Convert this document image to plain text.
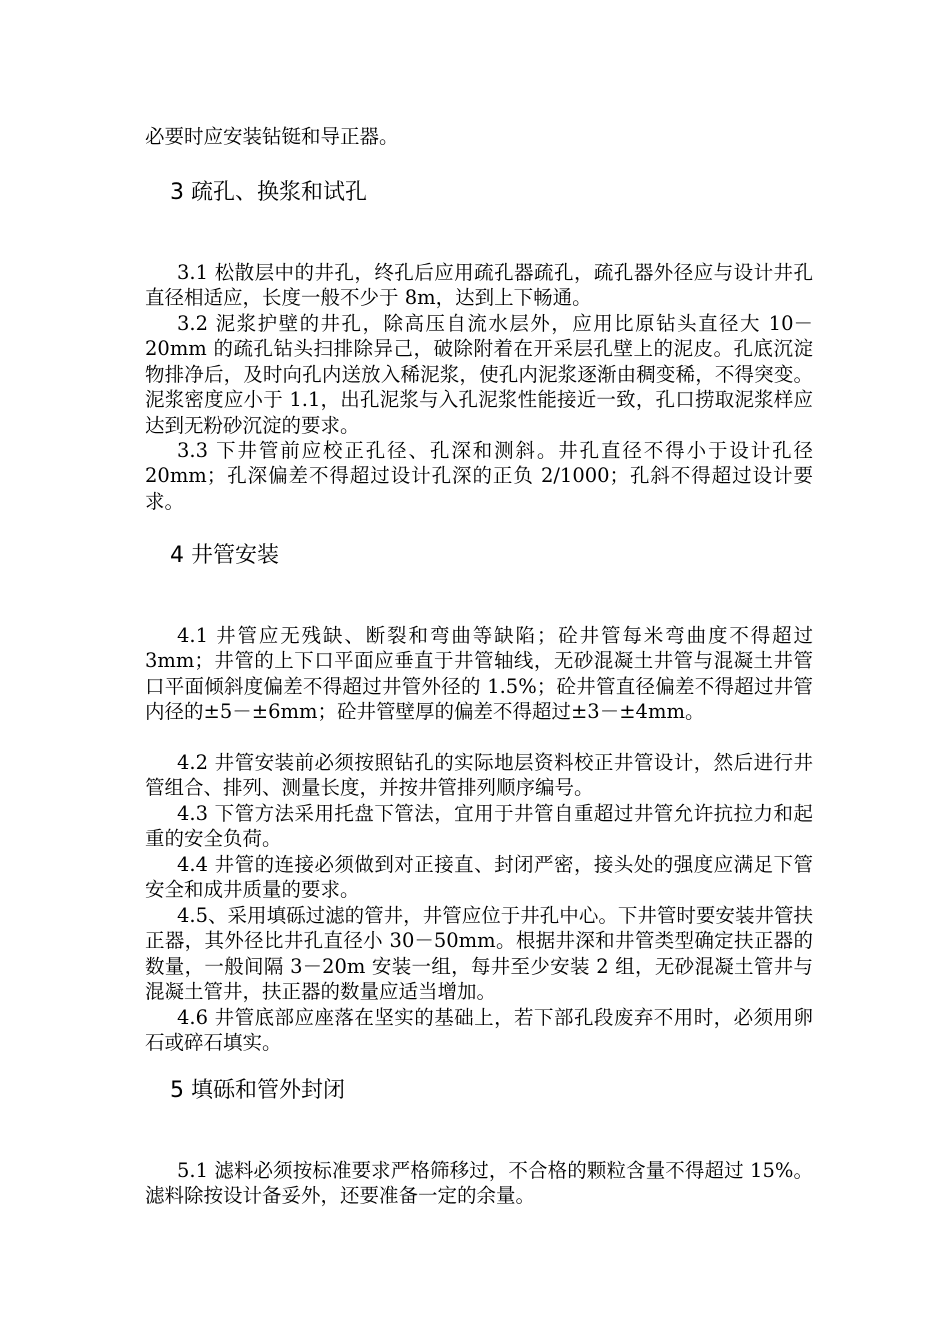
必要时应安装钻铤和导正器。

3 疏孔、换浆和试孔

3.1 松散层中的井孔，终孔后应用疏孔器疏孔，疏孔器外径应与设计井孔直径相适应，长度一般不少于 8m，达到上下畅通。

3.2 泥浆护壁的井孔，除高压自流水层外，应用比原钻头直径大 10－20mm 的疏孔钻头扫排除异己，破除附着在开采层孔壁上的泥皮。孔底沉淀物排净后，及时向孔内送放入稀泥浆，使孔内泥浆逐渐由稠变稀，不得突变。泥浆密度应小于 1.1，出孔泥浆与入孔泥浆性能接近一致，孔口捞取泥浆样应达到无粉砂沉淀的要求。

3.3 下井管前应校正孔径、孔深和测斜。井孔直径不得小于设计孔径 20mm；孔深偏差不得超过设计孔深的正负 2/1000；孔斜不得超过设计要求。

4 井管安装

4.1 井管应无残缺、断裂和弯曲等缺陷；砼井管每米弯曲度不得超过 3mm；井管的上下口平面应垂直于井管轴线，无砂混凝土井管与混凝土井管口平面倾斜度偏差不得超过井管外径的 1.5%；砼井管直径偏差不得超过井管内径的±5－±6mm；砼井管壁厚的偏差不得超过±3－±4mm。

4.2 井管安装前必须按照钻孔的实际地层资料校正井管设计，然后进行井管组合、排列、测量长度，并按井管排列顺序编号。

4.3 下管方法采用托盘下管法，宜用于井管自重超过井管允许抗拉力和起重的安全负荷。

4.4 井管的连接必须做到对正接直、封闭严密，接头处的强度应满足下管安全和成井质量的要求。

4.5、采用填砾过滤的管井，井管应位于井孔中心。下井管时要安装井管扶正器，其外径比井孔直径小 30－50mm。根据井深和井管类型确定扶正器的数量，一般间隔 3－20m 安装一组，每井至少安装 2 组，无砂混凝土管井与混凝土管井，扶正器的数量应适当增加。

4.6 井管底部应座落在坚实的基础上，若下部孔段废弃不用时，必须用卵石或碎石填实。

5 填砾和管外封闭

5.1 滤料必须按标准要求严格筛移过，不合格的颗粒含量不得超过 15%。滤料除按设计备妥外，还要准备一定的余量。
